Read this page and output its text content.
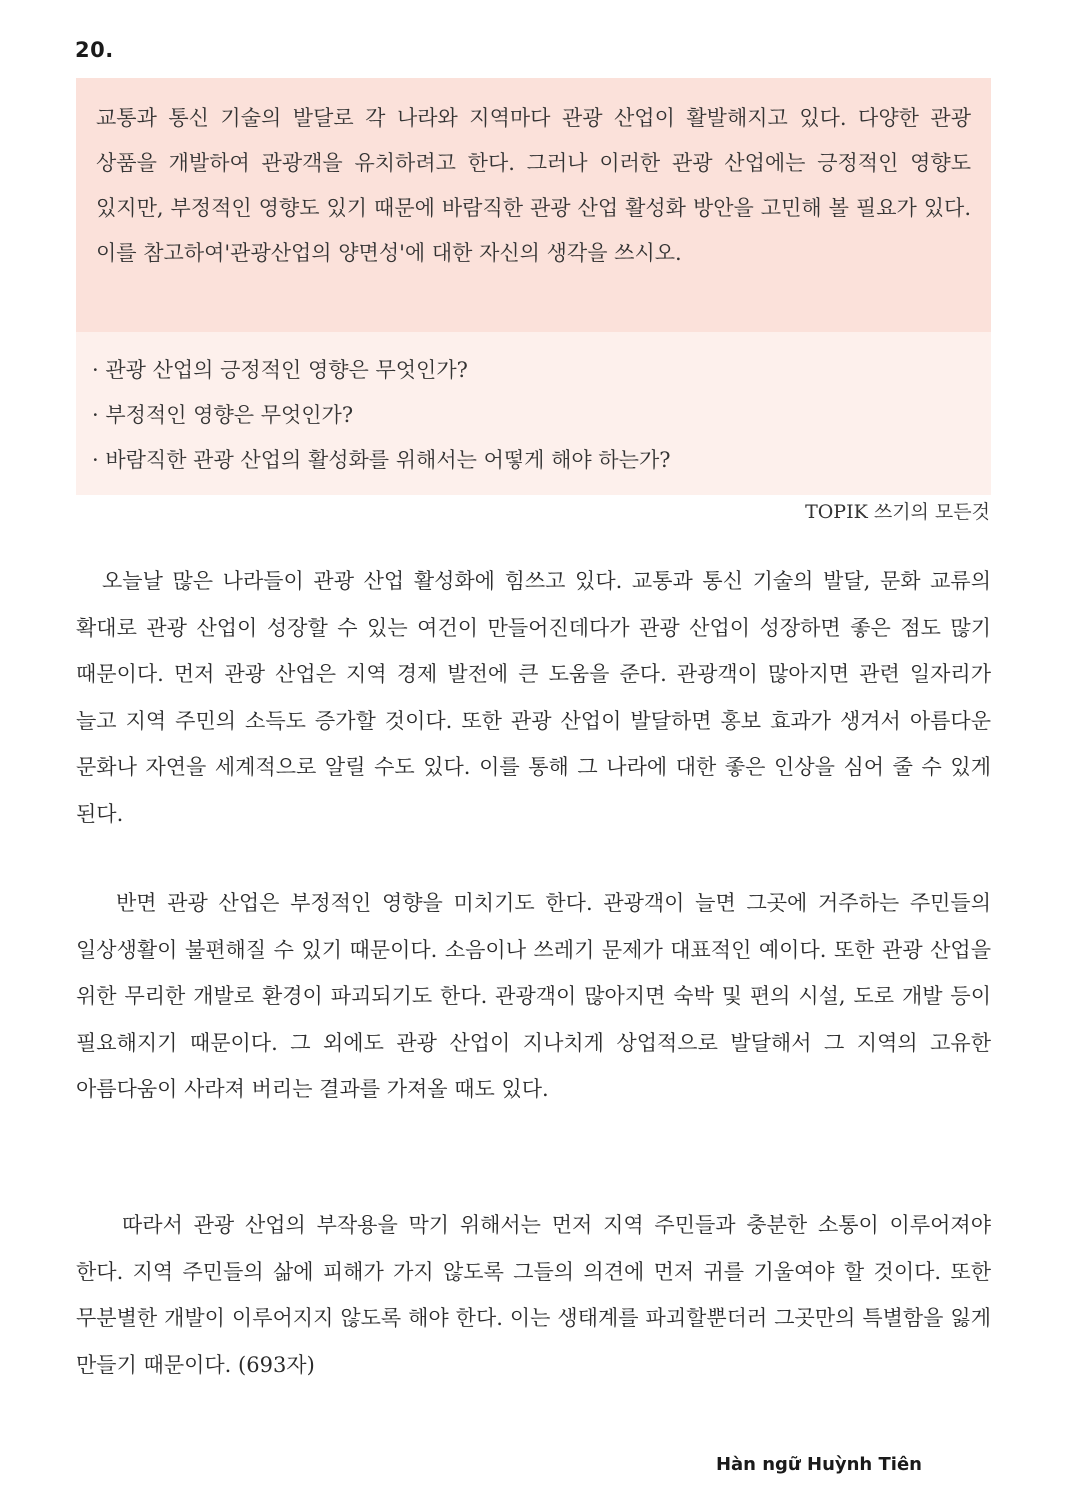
20.
교통과 통신 기술의 발달로 각 나라와 지역마다 관광 산업이 활발해지고 있다. 다양한 관광 상품을 개발하여 관광객을 유치하려고 한다. 그러나 이러한 관광 산업에는 긍정적인 영향도 있지만, 부정적인 영향도 있기 때문에 바람직한 관광 산업 활성화 방안을 고민해 볼 필요가 있다. 이를 참고하여'관광산업의 양면성'에 대한 자신의 생각을 쓰시오.
· 관광 산업의 긍정적인 영향은 무엇인가?
· 부정적인 영향은 무엇인가?
· 바람직한 관광 산업의 활성화를 위해서는 어떻게 해야 하는가?
TOPIK 쓰기의 모든것

오늘날 많은 나라들이 관광 산업 활성화에 힘쓰고 있다. 교통과 통신 기술의 발달, 문화 교류의 확대로 관광 산업이 성장할 수 있는 여건이 만들어진데다가 관광 산업이 성장하면 좋은 점도 많기 때문이다. 먼저 관광 산업은 지역 경제 발전에 큰 도움을 준다. 관광객이 많아지면 관련 일자리가 늘고 지역 주민의 소득도 증가할 것이다. 또한 관광 산업이 발달하면 홍보 효과가 생겨서 아름다운 문화나 자연을 세계적으로 알릴 수도 있다. 이를 통해 그 나라에 대한 좋은 인상을 심어 줄 수 있게 된다.

반면 관광 산업은 부정적인 영향을 미치기도 한다. 관광객이 늘면 그곳에 거주하는 주민들의 일상생활이 불편해질 수 있기 때문이다. 소음이나 쓰레기 문제가 대표적인 예이다. 또한 관광 산업을 위한 무리한 개발로 환경이 파괴되기도 한다. 관광객이 많아지면 숙박 및 편의 시설, 도로 개발 등이 필요해지기 때문이다. 그 외에도 관광 산업이 지나치게 상업적으로 발달해서 그 지역의 고유한 아름다움이 사라져 버리는 결과를 가져올 때도 있다.

따라서 관광 산업의 부작용을 막기 위해서는 먼저 지역 주민들과 충분한 소통이 이루어져야 한다. 지역 주민들의 삶에 피해가 가지 않도록 그들의 의견에 먼저 귀를 기울여야 할 것이다. 또한 무분별한 개발이 이루어지지 않도록 해야 한다. 이는 생태계를 파괴할뿐더러 그곳만의 특별함을 잃게 만들기 때문이다. (693자)

Hàn ngữ Huỳnh Tiên
